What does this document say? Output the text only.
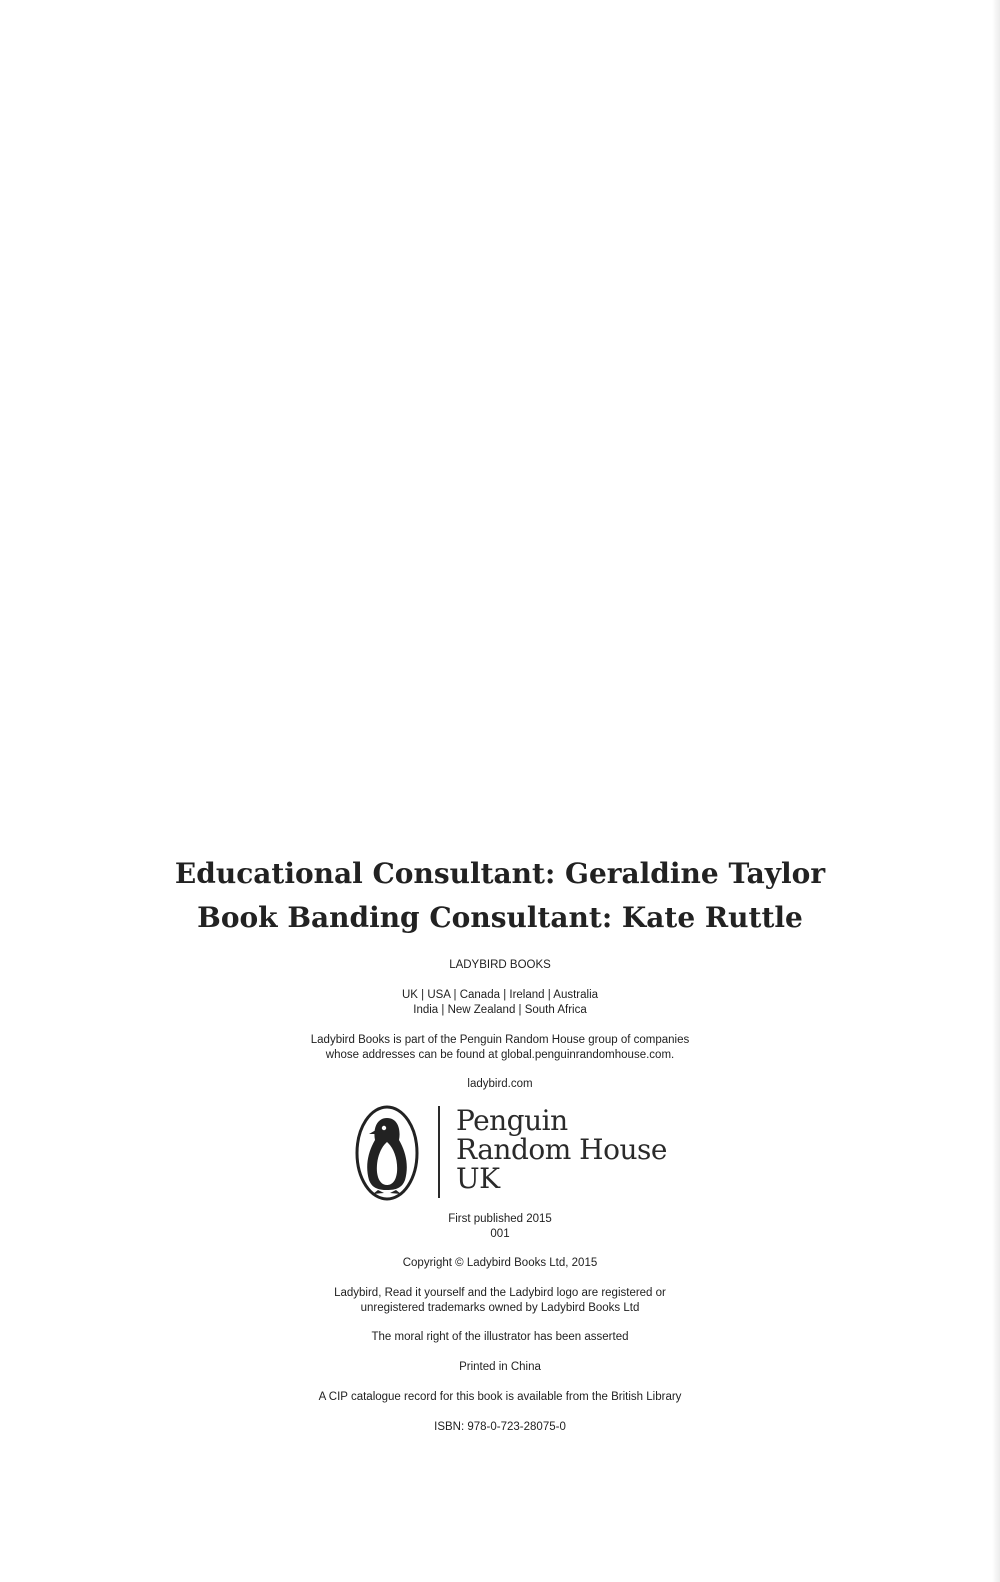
Educational Consultant: Geraldine Taylor
Book Banding Consultant: Kate Ruttle
LADYBIRD BOOKS
UK | USA | Canada | Ireland | Australia
India | New Zealand | South Africa
Ladybird Books is part of the Penguin Random House group of companies
whose addresses can be found at global.penguinrandomhouse.com.
ladybird.com
Penguin
Random House
UK
First published 2015
001
Copyright © Ladybird Books Ltd, 2015
Ladybird, Read it yourself and the Ladybird logo are registered or
unregistered trademarks owned by Ladybird Books Ltd
The moral right of the illustrator has been asserted
Printed in China
A CIP catalogue record for this book is available from the British Library
ISBN: 978-0-723-28075-0
